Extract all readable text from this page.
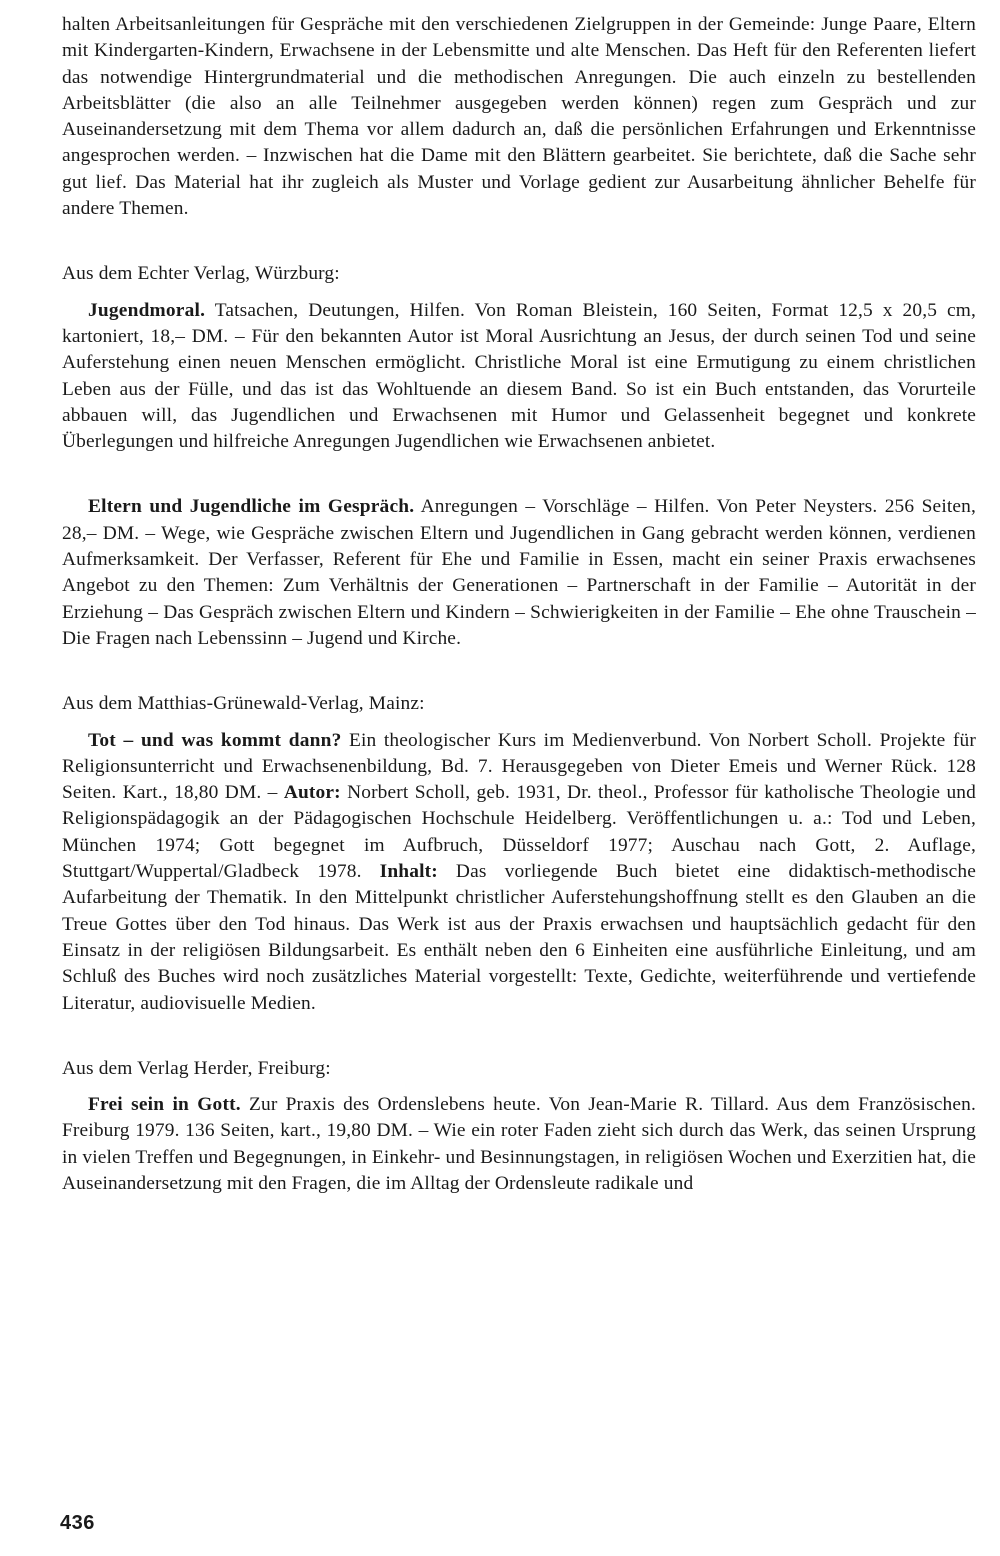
halten Arbeitsanleitungen für Gespräche mit den verschiedenen Zielgruppen in der Gemeinde: Junge Paare, Eltern mit Kindergarten-Kindern, Erwachsene in der Lebensmitte und alte Menschen. Das Heft für den Referenten liefert das notwendige Hintergrundmaterial und die methodischen Anregungen. Die auch einzeln zu bestellenden Arbeitsblätter (die also an alle Teilnehmer ausgegeben werden können) regen zum Gespräch und zur Auseinandersetzung mit dem Thema vor allem dadurch an, daß die persönlichen Erfahrungen und Erkenntnisse angesprochen werden. – Inzwischen hat die Dame mit den Blättern gearbeitet. Sie berichtete, daß die Sache sehr gut lief. Das Material hat ihr zugleich als Muster und Vorlage gedient zur Ausarbeitung ähnlicher Behelfe für andere Themen.

Aus dem Echter Verlag, Würzburg:

Jugendmoral. Tatsachen, Deutungen, Hilfen. Von Roman Bleistein, 160 Seiten, Format 12,5 x 20,5 cm, kartoniert, 18,– DM. – Für den bekannten Autor ist Moral Ausrichtung an Jesus, der durch seinen Tod und seine Auferstehung einen neuen Menschen ermöglicht. Christliche Moral ist eine Ermutigung zu einem christlichen Leben aus der Fülle, und das ist das Wohltuende an diesem Band. So ist ein Buch entstanden, das Vorurteile abbauen will, das Jugendlichen und Erwachsenen mit Humor und Gelassenheit begegnet und konkrete Überlegungen und hilfreiche Anregungen Jugendlichen wie Erwachsenen anbietet.

Eltern und Jugendliche im Gespräch. Anregungen – Vorschläge – Hilfen. Von Peter Neysters. 256 Seiten, 28,– DM. – Wege, wie Gespräche zwischen Eltern und Jugendlichen in Gang gebracht werden können, verdienen Aufmerksamkeit. Der Verfasser, Referent für Ehe und Familie in Essen, macht ein seiner Praxis erwachsenes Angebot zu den Themen: Zum Verhältnis der Generationen – Partnerschaft in der Familie – Autorität in der Erziehung – Das Gespräch zwischen Eltern und Kindern – Schwierigkeiten in der Familie – Ehe ohne Trauschein – Die Fragen nach Lebenssinn – Jugend und Kirche.

Aus dem Matthias-Grünewald-Verlag, Mainz:

Tot – und was kommt dann? Ein theologischer Kurs im Medienverbund. Von Norbert Scholl. Projekte für Religionsunterricht und Erwachsenenbildung, Bd. 7. Herausgegeben von Dieter Emeis und Werner Rück. 128 Seiten. Kart., 18,80 DM. – Autor: Norbert Scholl, geb. 1931, Dr. theol., Professor für katholische Theologie und Religionspädagogik an der Pädagogischen Hochschule Heidelberg. Veröffentlichungen u. a.: Tod und Leben, München 1974; Gott begegnet im Aufbruch, Düsseldorf 1977; Auschau nach Gott, 2. Auflage, Stuttgart/Wuppertal/Gladbeck 1978. Inhalt: Das vorliegende Buch bietet eine didaktisch-methodische Aufarbeitung der Thematik. In den Mittelpunkt christlicher Auferstehungshoffnung stellt es den Glauben an die Treue Gottes über den Tod hinaus. Das Werk ist aus der Praxis erwachsen und hauptsächlich gedacht für den Einsatz in der religiösen Bildungsarbeit. Es enthält neben den 6 Einheiten eine ausführliche Einleitung, und am Schluß des Buches wird noch zusätzliches Material vorgestellt: Texte, Gedichte, weiterführende und vertiefende Literatur, audiovisuelle Medien.

Aus dem Verlag Herder, Freiburg:

Frei sein in Gott. Zur Praxis des Ordenslebens heute. Von Jean-Marie R. Tillard. Aus dem Französischen. Freiburg 1979. 136 Seiten, kart., 19,80 DM. – Wie ein roter Faden zieht sich durch das Werk, das seinen Ursprung in vielen Treffen und Begegnungen, in Einkehr- und Besinnungstagen, in religiösen Wochen und Exerzitien hat, die Auseinandersetzung mit den Fragen, die im Alltag der Ordensleute radikale und

436
